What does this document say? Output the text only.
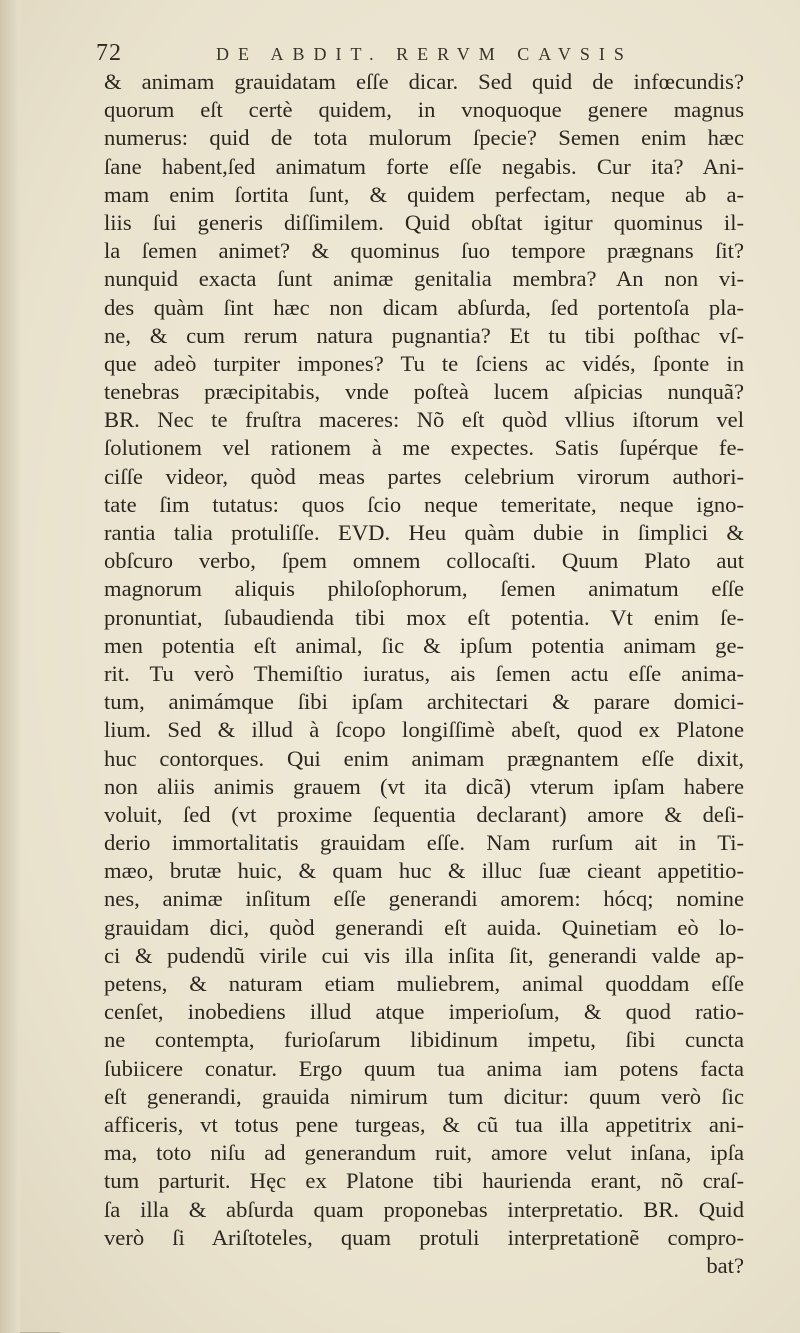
72	DE ABDIT. RERVM CAVSIS
& animam grauidatam eſſe dicar. Sed quid de infœcundis?
quorum eſt certè quidem, in vnoquoque genere magnus
numerus: quid de tota mulorum ſpecie? Semen enim hæc
ſane habent,ſed animatum forte eſſe negabis. Cur ita? Ani-
mam enim ſortita ſunt, & quidem perfectam, neque ab a-
liis ſui generis diſſimilem. Quid obſtat igitur quominus il-
la ſemen animet? & quominus ſuo tempore prægnans ſit?
nunquid exacta ſunt animæ genitalia membra? An non vi-
des quàm ſint hæc non dicam abſurda, ſed portentoſa pla-
ne, & cum rerum natura pugnantia? Et tu tibi poſthac vſ-
que adeò turpiter impones? Tu te ſciens ac vidés, ſponte in
tenebras præcipitabis, vnde poſteà lucem aſpicias nunquã?
BR. Nec te fruſtra maceres: Nõ eſt quòd vllius iſtorum vel
ſolutionem vel rationem à me expectes. Satis ſupérque fe-
ciſſe videor, quòd meas partes celebrium virorum authori-
tate ſim tutatus: quos ſcio neque temeritate, neque igno-
rantia talia protuliſſe. EVD. Heu quàm dubie in ſimplici &
obſcuro verbo, ſpem omnem collocaſti. Quum Plato aut
magnorum aliquis philoſophorum, ſemen animatum eſſe
pronuntiat, ſubaudienda tibi mox eſt potentia. Vt enim ſe-
men potentia eſt animal, ſic & ipſum potentia animam ge-
rit. Tu verò Themiſtio iuratus, ais ſemen actu eſſe anima-
tum, animámque ſibi ipſam architectari & parare domici-
lium. Sed & illud à ſcopo longiſſimè abeſt, quod ex Platone
huc contorques. Qui enim animam prægnantem eſſe dixit,
non aliis animis grauem (vt ita dicã) vterum ipſam habere
voluit, ſed (vt proxime ſequentia declarant) amore & deſi-
derio immortalitatis grauidam eſſe. Nam rurſum ait in Ti-
mæo, brutæ huic, & quam huc & illuc ſuæ cieant appetitio-
nes, animæ inſitum eſſe generandi amorem: hócq; nomine
grauidam dici, quòd generandi eſt auida. Quinetiam eò lo-
ci & pudendũ virile cui vis illa inſita ſit, generandi valde ap-
petens, & naturam etiam muliebrem, animal quoddam eſſe
cenſet, inobediens illud atque imperioſum, & quod ratio-
ne contempta, furioſarum libidinum impetu, ſibi cuncta
ſubiicere conatur. Ergo quum tua anima iam potens facta
eſt generandi, grauida nimirum tum dicitur: quum verò ſic
afficeris, vt totus pene turgeas, & cũ tua illa appetitrix ani-
ma, toto niſu ad generandum ruit, amore velut inſana, ipſa
tum parturit. Hęc ex Platone tibi haurienda erant, nõ craſ-
ſa illa & abſurda quam proponebas interpretatio. BR. Quid
verò ſi Ariſtoteles, quam protuli interpretationẽ compro-
bat?
